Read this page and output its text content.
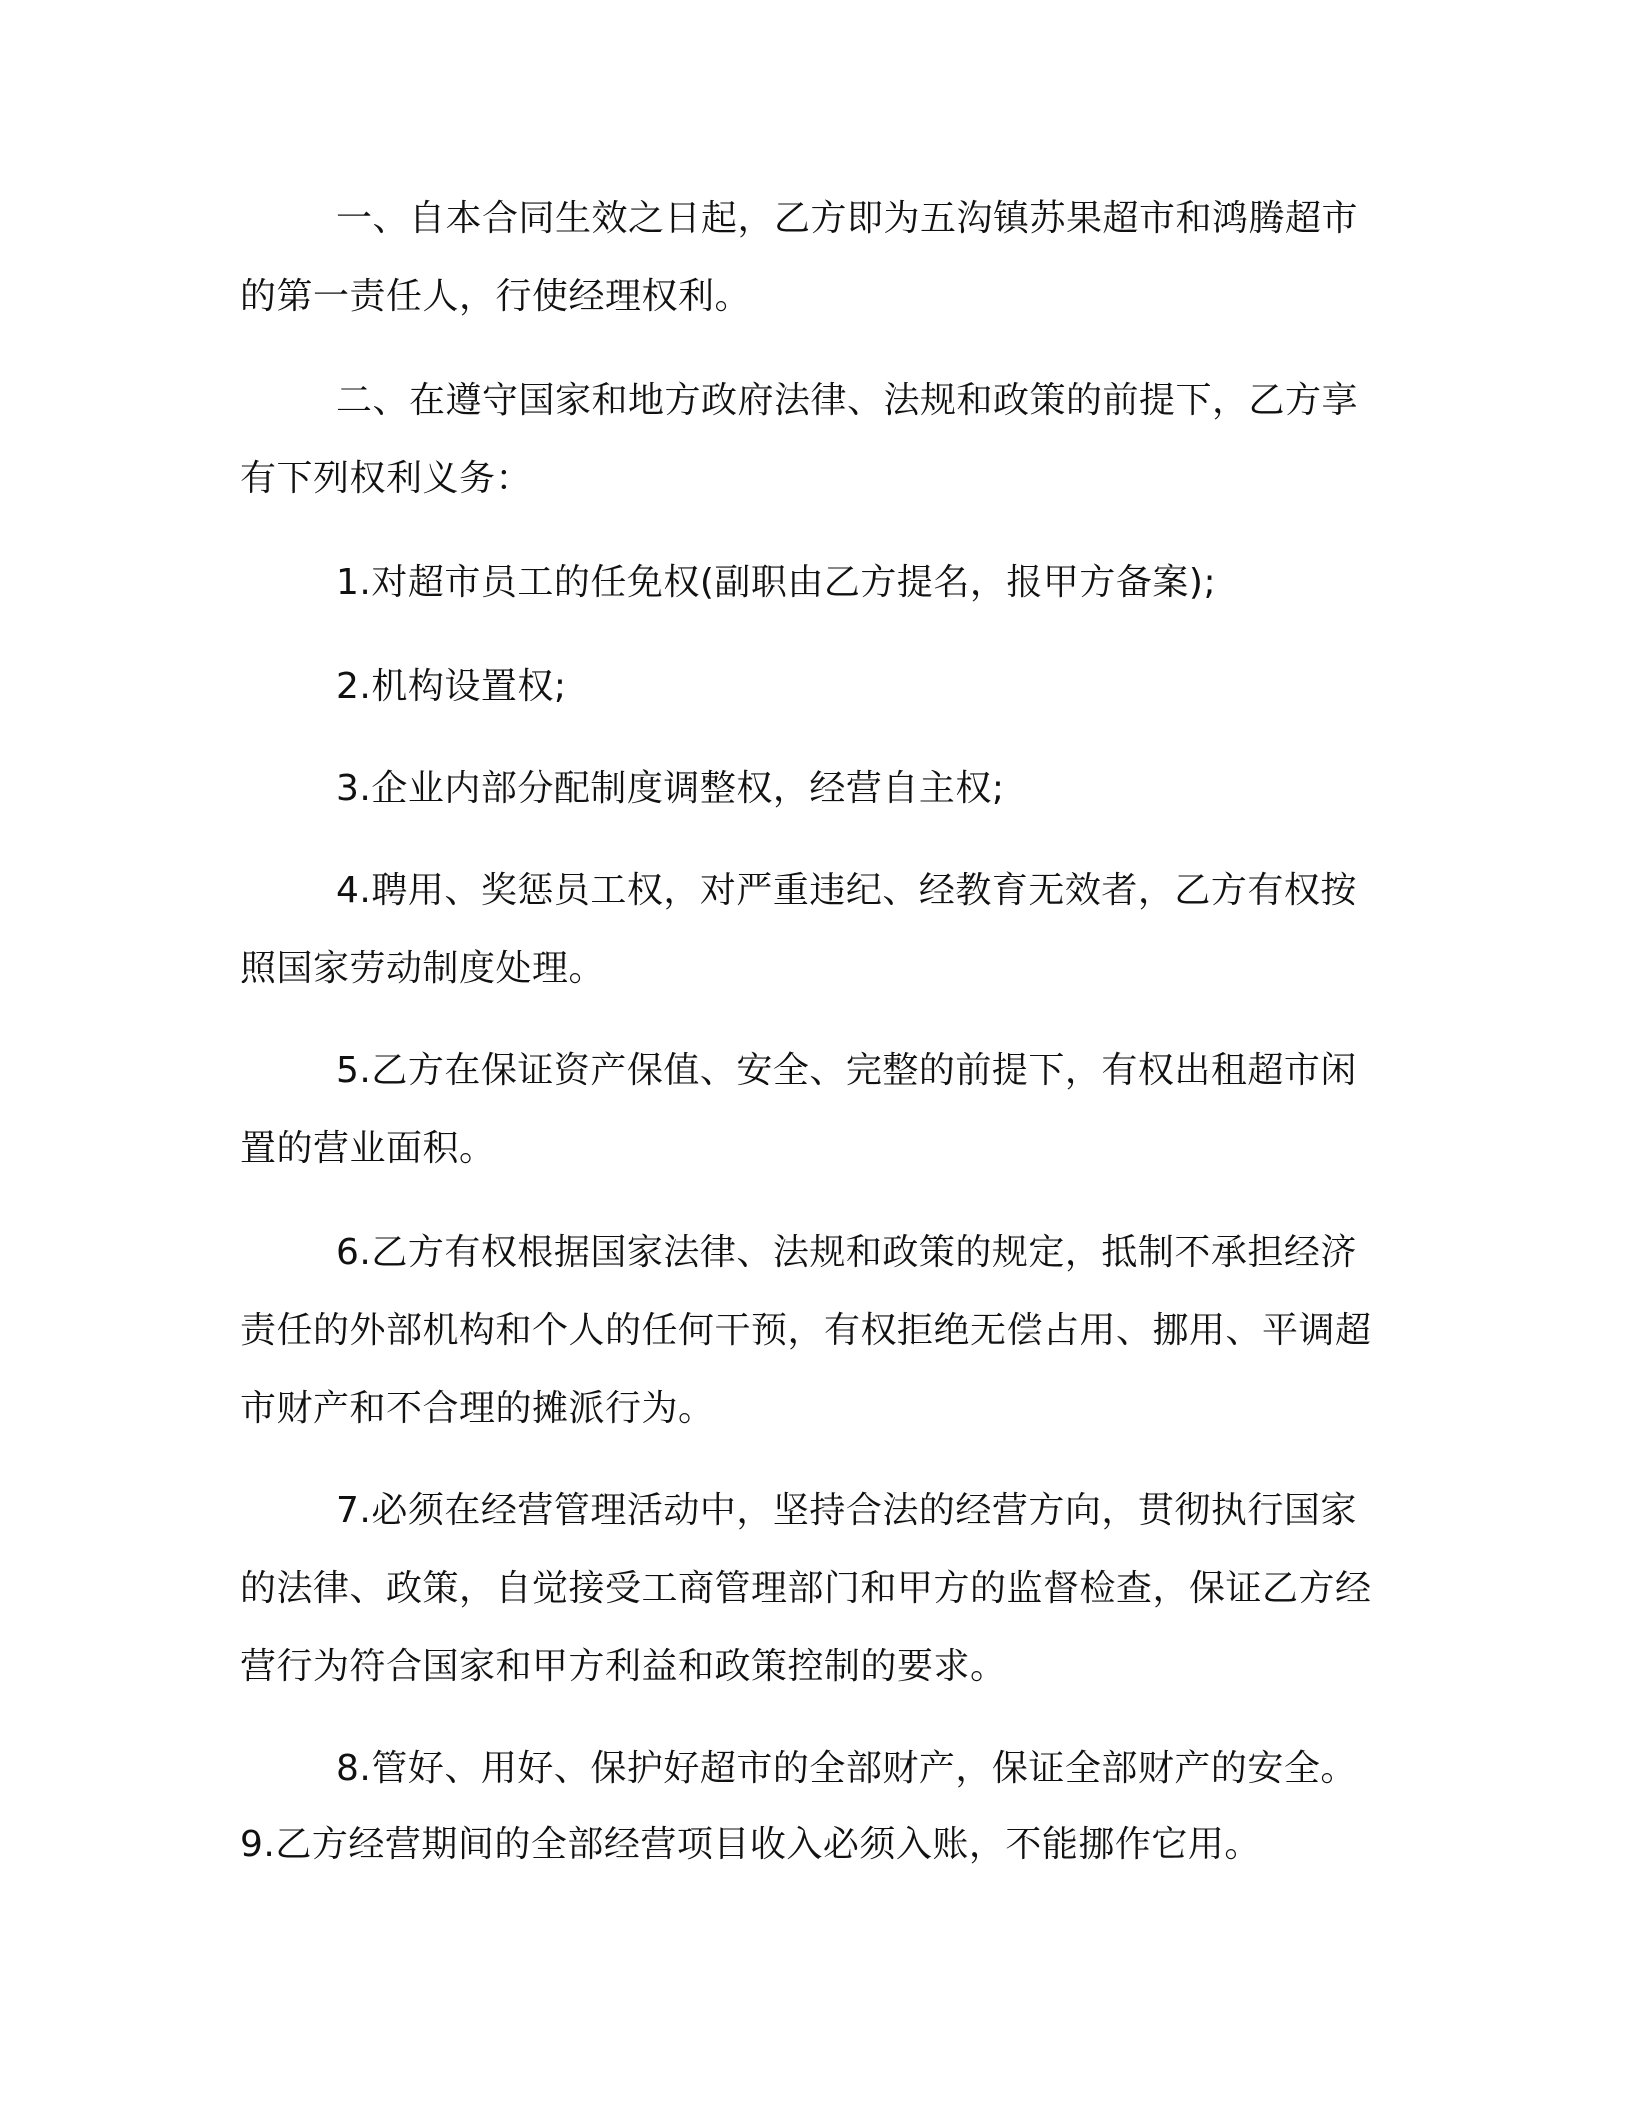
一、自本合同生效之日起，乙方即为五沟镇苏果超市和鸿腾超市的第一责任人，行使经理权利。

二、在遵守国家和地方政府法律、法规和政策的前提下，乙方享有下列权利义务：

1.对超市员工的任免权(副职由乙方提名，报甲方备案);

2.机构设置权;

3.企业内部分配制度调整权，经营自主权;

4.聘用、奖惩员工权，对严重违纪、经教育无效者，乙方有权按照国家劳动制度处理。

5.乙方在保证资产保值、安全、完整的前提下，有权出租超市闲置的营业面积。

6.乙方有权根据国家法律、法规和政策的规定，抵制不承担经济责任的外部机构和个人的任何干预，有权拒绝无偿占用、挪用、平调超市财产和不合理的摊派行为。

7.必须在经营管理活动中，坚持合法的经营方向，贯彻执行国家的法律、政策，自觉接受工商管理部门和甲方的监督检查，保证乙方经营行为符合国家和甲方利益和政策控制的要求。

8.管好、用好、保护好超市的全部财产，保证全部财产的安全。

9.乙方经营期间的全部经营项目收入必须入账，不能挪作它用。
